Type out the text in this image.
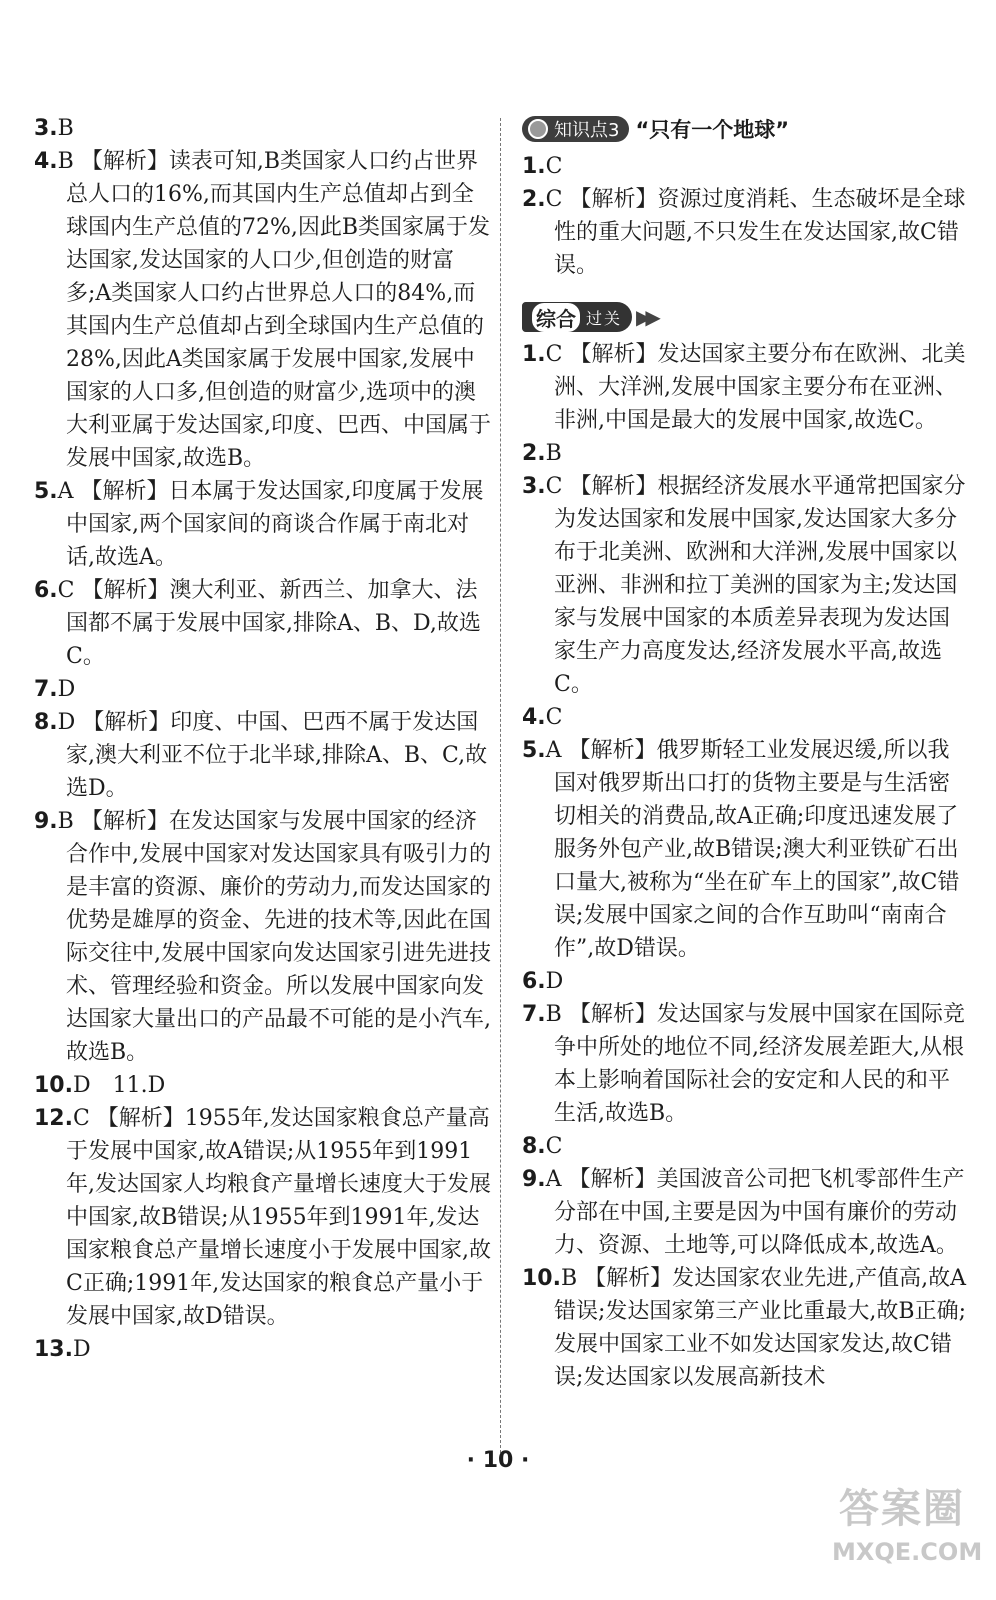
3.B

4.B 【解析】读表可知,B类国家人口约占世界总人口的16%,而其国内生产总值却占到全球国内生产总值的72%,因此B类国家属于发达国家,发达国家的人口少,但创造的财富多;A类国家人口约占世界总人口的84%,而其国内生产总值却占到全球国内生产总值的28%,因此A类国家属于发展中国家,发展中国家的人口多,但创造的财富少,选项中的澳大利亚属于发达国家,印度、巴西、中国属于发展中国家,故选B。

5.A 【解析】日本属于发达国家,印度属于发展中国家,两个国家间的商谈合作属于南北对话,故选A。

6.C 【解析】澳大利亚、新西兰、加拿大、法国都不属于发展中国家,排除A、B、D,故选C。

7.D

8.D 【解析】印度、中国、巴西不属于发达国家,澳大利亚不位于北半球,排除A、B、C,故选D。

9.B 【解析】在发达国家与发展中国家的经济合作中,发展中国家对发达国家具有吸引力的是丰富的资源、廉价的劳动力,而发达国家的优势是雄厚的资金、先进的技术等,因此在国际交往中,发展中国家向发达国家引进先进技术、管理经验和资金。所以发展中国家向发达国家大量出口的产品最不可能的是小汽车,故选B。

10.D　11.D

12.C 【解析】1955年,发达国家粮食总产量高于发展中国家,故A错误;从1955年到1991年,发达国家人均粮食产量增长速度大于发展中国家,故B错误;从1955年到1991年,发达国家粮食总产量增长速度小于发展中国家,故C正确;1991年,发达国家的粮食总产量小于发展中国家,故D错误。

13.D

知识点3 “只有一个地球”

1.C

2.C 【解析】资源过度消耗、生态破坏是全球性的重大问题,不只发生在发达国家,故C错误。

综合 过关 ▶▶

1.C 【解析】发达国家主要分布在欧洲、北美洲、大洋洲,发展中国家主要分布在亚洲、非洲,中国是最大的发展中国家,故选C。

2.B

3.C 【解析】根据经济发展水平通常把国家分为发达国家和发展中国家,发达国家大多分布于北美洲、欧洲和大洋洲,发展中国家以亚洲、非洲和拉丁美洲的国家为主;发达国家与发展中国家的本质差异表现为发达国家生产力高度发达,经济发展水平高,故选C。

4.C

5.A 【解析】俄罗斯轻工业发展迟缓,所以我国对俄罗斯出口打的货物主要是与生活密切相关的消费品,故A正确;印度迅速发展了服务外包产业,故B错误;澳大利亚铁矿石出口量大,被称为“坐在矿车上的国家”,故C错误;发展中国家之间的合作互助叫“南南合作”,故D错误。

6.D

7.B 【解析】发达国家与发展中国家在国际竞争中所处的地位不同,经济发展差距大,从根本上影响着国际社会的安定和人民的和平生活,故选B。

8.C

9.A 【解析】美国波音公司把飞机零部件生产分部在中国,主要是因为中国有廉价的劳动力、资源、土地等,可以降低成本,故选A。

10.B 【解析】发达国家农业先进,产值高,故A错误;发达国家第三产业比重最大,故B正确;发展中国家工业不如发达国家发达,故C错误;发达国家以发展高新技术

· 10 ·
答案圈
MXQE.COM
